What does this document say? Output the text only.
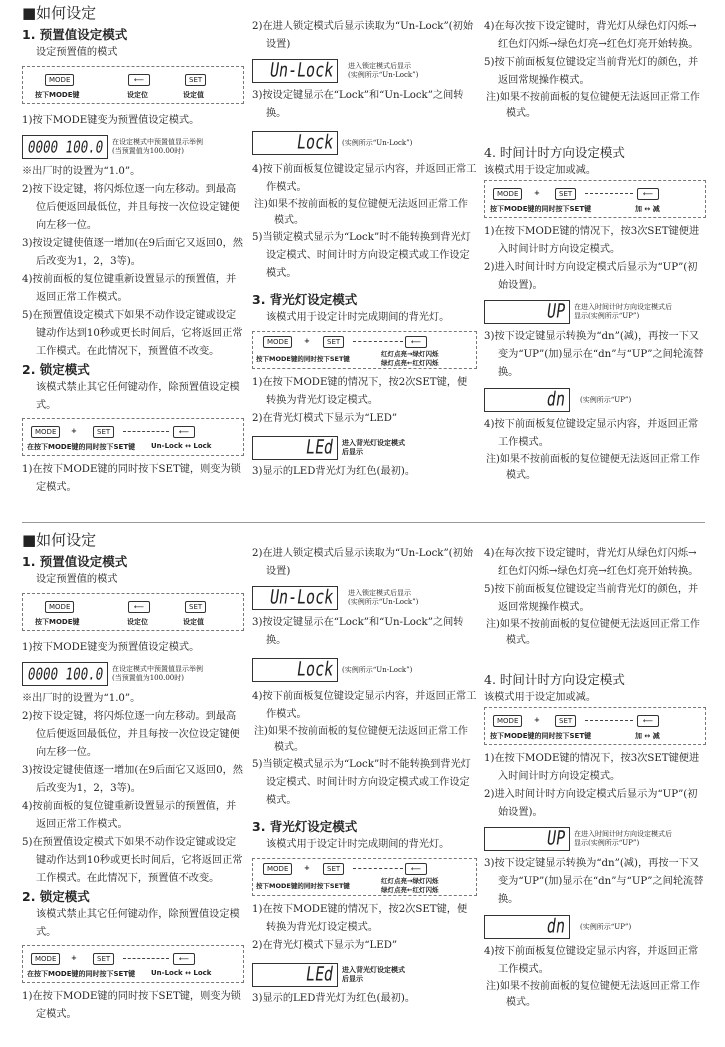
■如何设定
1. 预置值设定模式
设定预置值的模式
MODE
按下MODE键
⟵
设定位
SET
设定值
1)按下MODE键变为预置值设定模式。
0000 100.0 在设定模式中预置值显示举例
(当预置值为100.00时)
※出厂时的设置为“1.0”。
2)按下设定键，将闪烁位逐一向左移动。到最高位后便返回最低位，并且每按一次位设定键便向左移一位。
3)按设定键使值逐一增加(在9后面它又返回0，然后改变为1，2，3等)。
4)按前面板的复位键重新设置显示的预置值，并返回正常工作模式。
5)在预置值设定模式下如果不动作设定键或设定键动作达到10秒或更长时间后，它将返回正常工作模式。在此情况下，预置值不改变。
2. 锁定模式
该模式禁止其它任何键动作，除预置值设定模式。
MODE	+	SET	⟵
在按下MODE键的同时按下SET键 Un-Lock ↔ Lock
1)在按下MODE键的同时按下SET键，则变为锁定模式。
2)在进人锁定模式后显示读取为“Un-Lock”(初始设置)
Un-Lock 进入锁定模式后显示
(实例所示“Un-Lock”)
3)按设定键显示在“Lock”和“Un-Lock”之间转换。
Lock (实例所示“Un-Lock”)
4)按下前面板复位键设定显示内容，并返回正常工作模式。
注)如果不按前面板的复位键便无法返回正常工作模式。
5)当锁定模式显示为“Lock”时不能转换到背光灯设定模式、时间计时方向设定模式或工作设定模式。
3. 背光灯设定模式
该模式用于设定计时完成期间的背光灯。
MODE	+	SET	⟵
按下MODE键的同时按下SET键
红灯点亮→绿灯闪烁
绿灯点亮←红灯闪烁
1)在按下MODE键的情况下，按2次SET键，便转换为背光灯设定模式。
2)在背光灯模式下显示为“LED”
LEd 进入背光灯设定模式
后显示
3)显示的LED背光灯为红色(最初)。
4)在每次按下设定键时，背光灯从绿色灯闪烁→红色灯闪烁→绿色灯亮→红色灯亮开始转换。
5)按下前面板复位键设定当前背光灯的颜色，并返回常规操作模式。
注)如果不按前面板的复位键便无法返回正常工作模式。
4. 时间计时方向设定模式
该模式用于设定加或减。
MODE	+	SET	⟵
按下MODE键的同时按下SET键	加 ↔ 减
1)在按下MODE键的情况下，按3次SET键便进入时间计时方向设定模式。
2)进入时间计时方向设定模式后显示为“UP”(初始设置)。
UP 在进入时间计时方向设定模式后
显示(实例所示“UP”)
3)按下设定键显示转换为“dn”(减)，再按一下又变为“UP”(加)显示在“dn”与“UP”之间轮流替换。
dn (实例所示“UP”)
4)按下前面板复位键设定显示内容，并返回正常工作模式。
注)如果不按前面板的复位键便无法返回正常工作模式。
■如何设定
1. 预置值设定模式
设定预置值的模式
MODE
按下MODE键
⟵
设定位
SET
设定值
1)按下MODE键变为预置值设定模式。
0000 100.0 在设定模式中预置值显示举例
(当预置值为100.00时)
※出厂时的设置为“1.0”。
2)按下设定键，将闪烁位逐一向左移动。到最高位后便返回最低位，并且每按一次位设定键便向左移一位。
3)按设定键使值逐一增加(在9后面它又返回0，然后改变为1，2，3等)。
4)按前面板的复位键重新设置显示的预置值，并返回正常工作模式。
5)在预置值设定模式下如果不动作设定键或设定键动作达到10秒或更长时间后，它将返回正常工作模式。在此情况下，预置值不改变。
2. 锁定模式
该模式禁止其它任何键动作，除预置值设定模式。
MODE	+	SET	⟵
在按下MODE键的同时按下SET键 Un-Lock ↔ Lock
1)在按下MODE键的同时按下SET键，则变为锁定模式。
2)在进人锁定模式后显示读取为“Un-Lock”(初始设置)
Un-Lock 进入锁定模式后显示
(实例所示“Un-Lock”)
3)按设定键显示在“Lock”和“Un-Lock”之间转换。
Lock (实例所示“Un-Lock”)
4)按下前面板复位键设定显示内容，并返回正常工作模式。
注)如果不按前面板的复位键便无法返回正常工作模式。
5)当锁定模式显示为“Lock”时不能转换到背光灯设定模式、时间计时方向设定模式或工作设定模式。
3. 背光灯设定模式
该模式用于设定计时完成期间的背光灯。
MODE	+	SET	⟵
按下MODE键的同时按下SET键
红灯点亮→绿灯闪烁
绿灯点亮←红灯闪烁
1)在按下MODE键的情况下，按2次SET键，便转换为背光灯设定模式。
2)在背光灯模式下显示为“LED”
LEd 进入背光灯设定模式
后显示
3)显示的LED背光灯为红色(最初)。
4)在每次按下设定键时，背光灯从绿色灯闪烁→红色灯闪烁→绿色灯亮→红色灯亮开始转换。
5)按下前面板复位键设定当前背光灯的颜色，并返回常规操作模式。
注)如果不按前面板的复位键便无法返回正常工作模式。
4. 时间计时方向设定模式
该模式用于设定加或减。
MODE	+	SET	⟵
按下MODE键的同时按下SET键	加 ↔ 减
1)在按下MODE键的情况下，按3次SET键便进入时间计时方向设定模式。
2)进入时间计时方向设定模式后显示为“UP”(初始设置)。
UP 在进入时间计时方向设定模式后
显示(实例所示“UP”)
3)按下设定键显示转换为“dn”(减)，再按一下又变为“UP”(加)显示在“dn”与“UP”之间轮流替换。
dn (实例所示“UP”)
4)按下前面板复位键设定显示内容，并返回正常工作模式。
注)如果不按前面板的复位键便无法返回正常工作模式。
